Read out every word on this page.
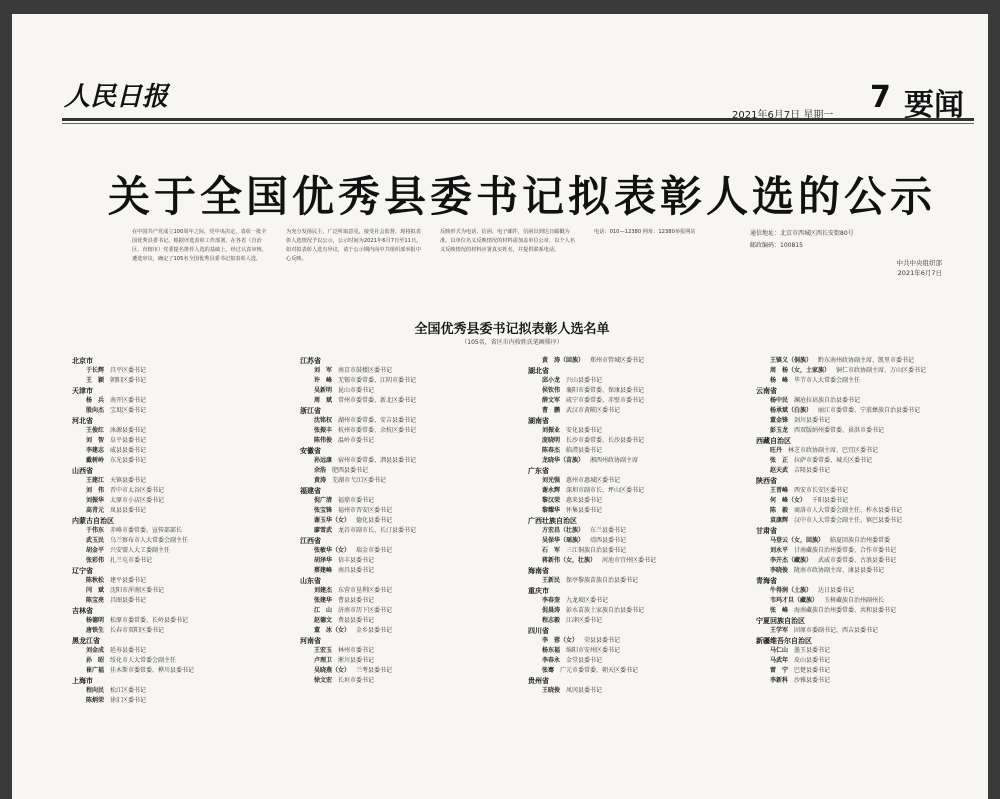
人民日报
2021年6月7日 星期一
7 要闻
关于全国优秀县委书记拟表彰人选的公示

在中国共产党成立100周年之际，党中央决定，表彰一批全国优秀县委书记。根据评选表彰工作部署，在各省（自治区、直辖市）党委提名推荐人选的基础上，经过认真审核、遴选审议，确定了105名全国优秀县委书记拟表彰人选。

为充分发扬民主，广泛听取意见，接受社会监督，现将拟表彰人选情况予以公示，公示时间为2021年6月7日至11日。如对拟表彰人选有异议，请于公示期内向中共组织部举报中心反映。

反映形式为电话、信函、电子邮件，信函以到达日邮戳为准。以单位名义反映情况的材料需加盖单位公章，以个人名义反映情况的材料应署真实姓名，并提供联系电话。

电话：010—12380 网址：12380举报网站	通信地址：北京市西城区西长安街80号
邮政编码：100815
中共中央组织部
2021年6月7日
全国优秀县委书记拟表彰人选名单
（105名，省区市内按姓氏笔画排序）
北京市
于长辉 昌平区委书记
王　颖 朝阳区委书记
天津市
杨　兵 南开区委书记
殷向杰 宝坻区委书记
河北省
王俊红 涞源县委书记
刘　智 阜平县委书记
李建志 威县县委书记
戴树岭 东光县委书记
山西省
王建江 天镇县委书记
刘　伟 晋中市太谷区委书记
刘振华 太原市小店区委书记
高青元 岚县县委书记
内蒙古自治区
于伟东 赤峰市委常委、宣传部部长
武玉民 乌兰察布市人大常委会副主任
胡金平 兴安盟人大工委副主任
张彩伟 扎兰屯市委书记
辽宁省
陈秋松 建平县委书记
闫　斌 沈阳市浑南区委书记
陈宝亮 昌图县委书记
吉林省
杨德明 松原市委常委、长岭县委书记
唐铁生 长春市双阳区委书记
黑龙江省
刘金成 延寿县委书记
孙　昭 绥化市人大常委会副主任
崔广福 佳木斯市委常委、桦川县委书记
上海市
程向民 松江区委书记
陈炳荣 徐汇区委书记
江苏省
刘　军 南京市鼓楼区委书记
许　峰 无锡市委常委、江阴市委书记
吴新明 昆山市委书记
周　斌 常州市委常委、新北区委书记
浙江省
沈铭权 湖州市委常委、安吉县委书记
张振丰 杭州市委常委、余杭区委书记
陈伟俊 温岭市委书记
安徽省
孙远康 宿州市委常委、泗县县委书记
余浩 肥西县委书记
黄涛 芜湖市弋江区委书记
福建省
倪广清 福鼎市委书记
张宝锋 福州市晋安区委书记
谢玉华（女） 德化县委书记
廖雪武 龙岩市副市长、长汀县委书记
江西省
张敏华（女） 瑞金市委书记
胡泽华 信丰县委书记
蔡建峰 南昌县委书记
山东省
刘建杰 东营市垦利区委书记
张建华 曹县县委书记
江　山 济南市历下区委书记
赵德文 费县县委书记
董　冰（女） 金乡县委书记
河南省
王宏玉 林州市委书记
卢理卫 淅川县委书记
吴晓燕（女） 兰考县委书记
徐文宏 长垣市委书记
黄　涛（回族） 郑州市管城区委书记
湖北省
邱小龙 兴山县委书记
侯钦伟 襄阳市委常委、保康县委书记
薛文军 咸宁市委常委、赤壁市委书记
曹　鹏 武汉市黄陂区委书记
湖南省
刘振业 安化县委书记
庞晓明 长沙市委常委、长沙县委书记
陈春杰 临澧县委书记
龙晓华（苗族） 湘西州政协副主席
广东省
刘光强 惠州市惠城区委书记
谢永辉 深圳市副市长、坪山区委书记
黎汉荣 惠来县委书记
黎耀华 怀集县委书记
广西壮族自治区
方宏昌（壮族） 东兰县委书记
吴保华（瑶族） 靖西县委书记
石　军 三江侗族自治县委书记
蒋新伟（女，壮族） 河池市宜州区委书记
海南省
王新民 保亭黎族苗族自治县委书记
重庆市
李春奎 九龙坡区委书记
倪晨涛 彭水苗族土家族自治县委书记
程志毅 江津区委书记
四川省
李　蓉（女） 荣县县委书记
杨东福 绵阳市安州区委书记
李春永 金堂县委书记
张骞 广元市委常委、朝天区委书记
贵州省
王晓俊 凤冈县委书记
王镇义（侗族） 黔东南州政协副主席、凯里市委书记
周　杨（女，土家族） 铜仁市政协副主席、万山区委书记
杨　峰 毕节市人大常委会副主任
云南省
杨中民 澜沧拉祜族自治县委书记
杨承斌（白族） 丽江市委常委、宁蒗彝族自治县委书记
董金锋 剑川县委书记
彭玉龙 西双版纳州委常委、景洪市委书记
西藏自治区
旺丹 林芝市政协副主席、巴宜区委书记
张　正 拉萨市委常委、城关区委书记
赵天武 吉隆县委书记
陕西省
王晋峰 西安市长安区委书记
何　峰（女） 千阳县委书记
陈　毅 商洛市人大常委会副主任、柞水县委书记
袁康辉 汉中市人大常委会副主任、镇巴县委书记
甘肃省
马登云（女，回族） 临夏回族自治州委常委
刘永平 甘南藏族自治州委常委、合作市委书记
李开杰（藏族） 武威市委常委、古浪县委书记
李晓俊 陇南市政协副主席、康县县委书记
青海省
牛得润（土族） 达日县委书记
韦玛才旦（藏族） 玉树藏族自治州副州长
张　峰 海南藏族自治州委常委、共和县委书记
宁夏回族自治区
王学军 固原市委副书记、西吉县委书记
新疆维吾尔自治区
马仁山 墨玉县委书记
马武年 皮山县委书记
雷　宁 巴楚县委书记
李新科 沙雅县委书记
